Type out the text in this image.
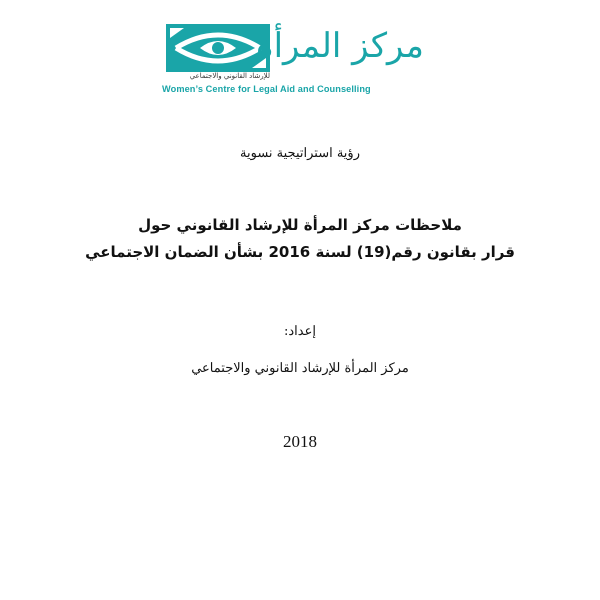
مركز المرأة
للإرشاد القانوني والاجتماعي
Women’s Centre for Legal Aid and Counselling
رؤية استراتيجية نسوية
ملاحظات مركز المرأة للإرشاد القانوني حول
قرار بقانون رقم(19) لسنة 2016 بشأن الضمان الاجتماعي
إعداد:
مركز المرأة للإرشاد القانوني والاجتماعي
2018
